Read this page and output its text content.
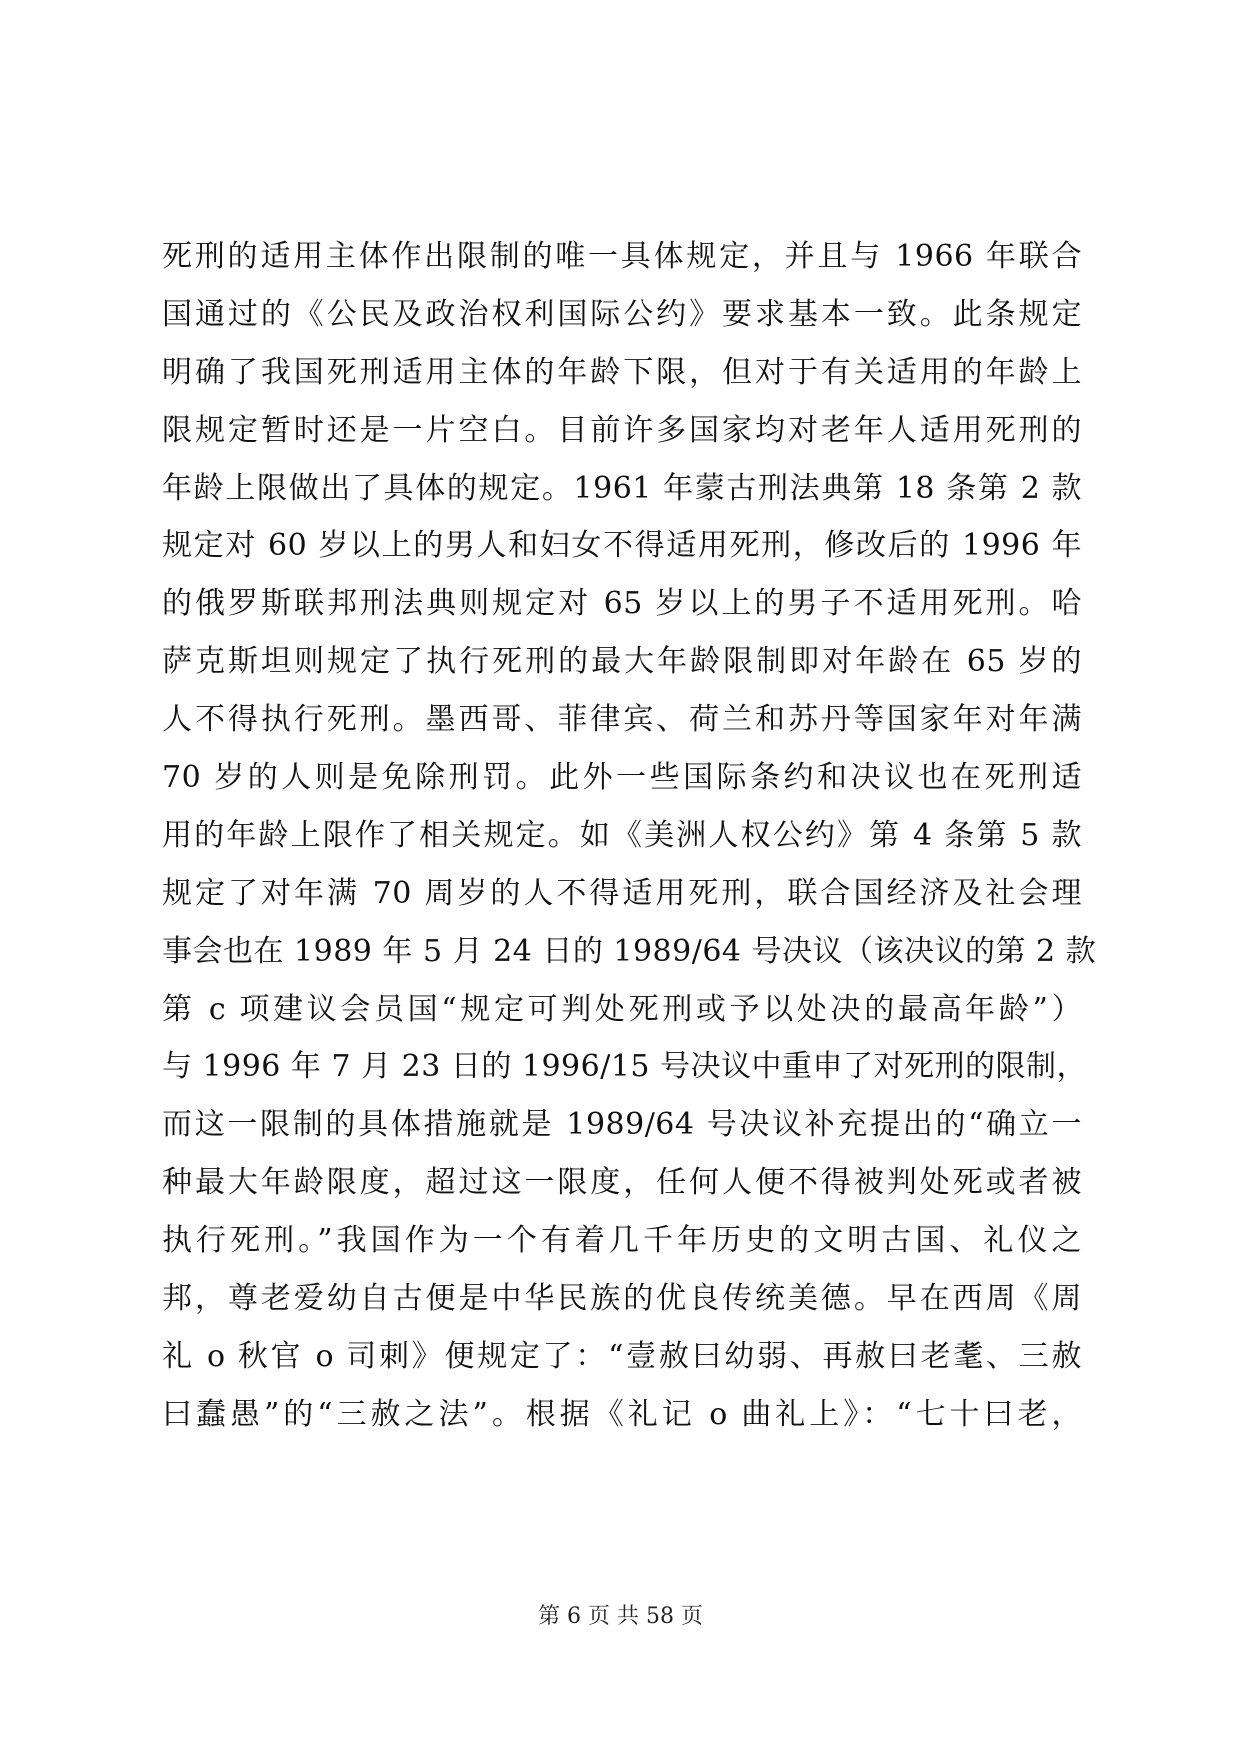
死刑的适用主体作出限制的唯一具体规定，并且与 1966 年联合
国通过的《公民及政治权利国际公约》要求基本一致。此条规定
明确了我国死刑适用主体的年龄下限，但对于有关适用的年龄上
限规定暂时还是一片空白。目前许多国家均对老年人适用死刑的
年龄上限做出了具体的规定。1961 年蒙古刑法典第 18 条第 2 款
规定对 60 岁以上的男人和妇女不得适用死刑，修改后的 1996 年
的俄罗斯联邦刑法典则规定对 65 岁以上的男子不适用死刑。哈
萨克斯坦则规定了执行死刑的最大年龄限制即对年龄在 65 岁的
人不得执行死刑。墨西哥、菲律宾、荷兰和苏丹等国家年对年满
70 岁的人则是免除刑罚。此外一些国际条约和决议也在死刑适
用的年龄上限作了相关规定。如《美洲人权公约》第 4 条第 5 款
规定了对年满 70 周岁的人不得适用死刑，联合国经济及社会理
事会也在 1989 年 5 月 24 日的 1989/64 号决议（该决议的第 2 款
第 c 项建议会员国“规定可判处死刑或予以处决的最高年龄”）
与 1996 年 7 月 23 日的 1996/15 号决议中重申了对死刑的限制，
而这一限制的具体措施就是 1989/64 号决议补充提出的“确立一
种最大年龄限度，超过这一限度，任何人便不得被判处死或者被
执行死刑。”我国作为一个有着几千年历史的文明古国、礼仪之
邦，尊老爱幼自古便是中华民族的优良传统美德。早在西周《周
礼 o 秋官 o 司刺》便规定了：“壹赦曰幼弱、再赦曰老耄、三赦
曰蠢愚”的“三赦之法”。根据《礼记 o 曲礼上》：“七十曰老，
第 6 页 共 58 页
